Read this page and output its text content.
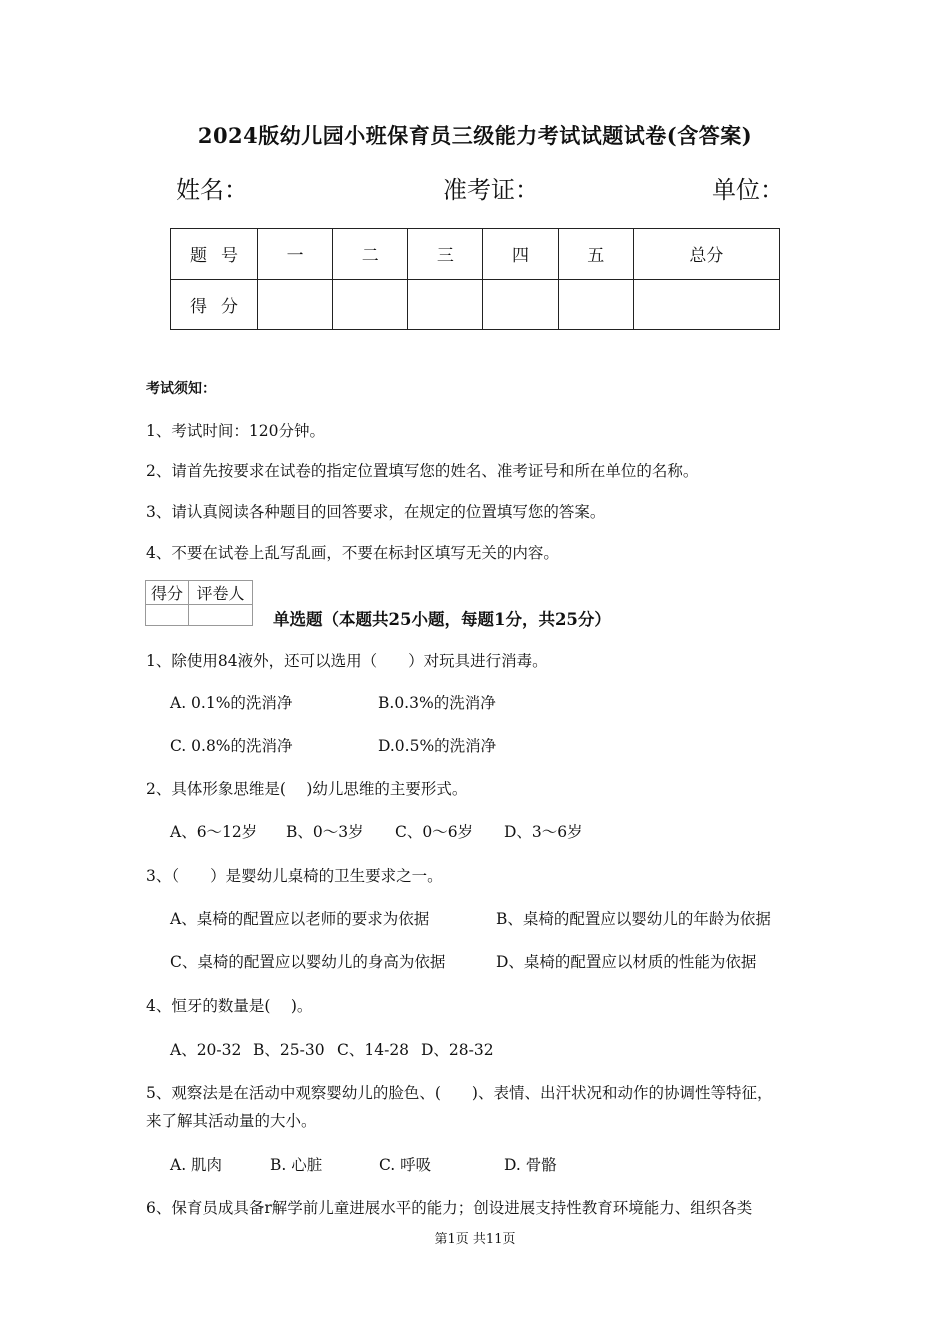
2024版幼儿园小班保育员三级能力考试试题试卷(含答案)
姓名：	准考证：	单位：
题号	一	二	三	四	五	总分
得分						
考试须知：
1、考试时间：120分钟。
2、请首先按要求在试卷的指定位置填写您的姓名、准考证号和所在单位的名称。
3、请认真阅读各种题目的回答要求，在规定的位置填写您的答案。
4、不要在试卷上乱写乱画，不要在标封区填写无关的内容。
得分	评卷人

单选题（本题共25小题，每题1分，共25分）
1、除使用84液外，还可以选用（　　）对玩具进行消毒。
A. 0.1%的洗消净	B.0.3%的洗消净
C. 0.8%的洗消净	D.0.5%的洗消净
2、具体形象思维是(　 )幼儿思维的主要形式。
A、6～12岁 B、0～3岁 C、0～6岁 D、3～6岁
3、（　　）是婴幼儿桌椅的卫生要求之一。
A、桌椅的配置应以老师的要求为依据	B、桌椅的配置应以婴幼儿的年龄为依据
C、桌椅的配置应以婴幼儿的身高为依据	D、桌椅的配置应以材质的性能为依据
4、恒牙的数量是(　 )。
A、20-32 B、25-30 C、14-28 D、28-32
5、观察法是在活动中观察婴幼儿的脸色、(　　)、表情、出汗状况和动作的协调性等特征，
来了解其活动量的大小。
A. 肌肉	B. 心脏	C. 呼吸	D. 骨骼
6、保育员成具备r解学前儿童进展水平的能力；创设进展支持性教育环境能力、组织各类
第1页 共11页
